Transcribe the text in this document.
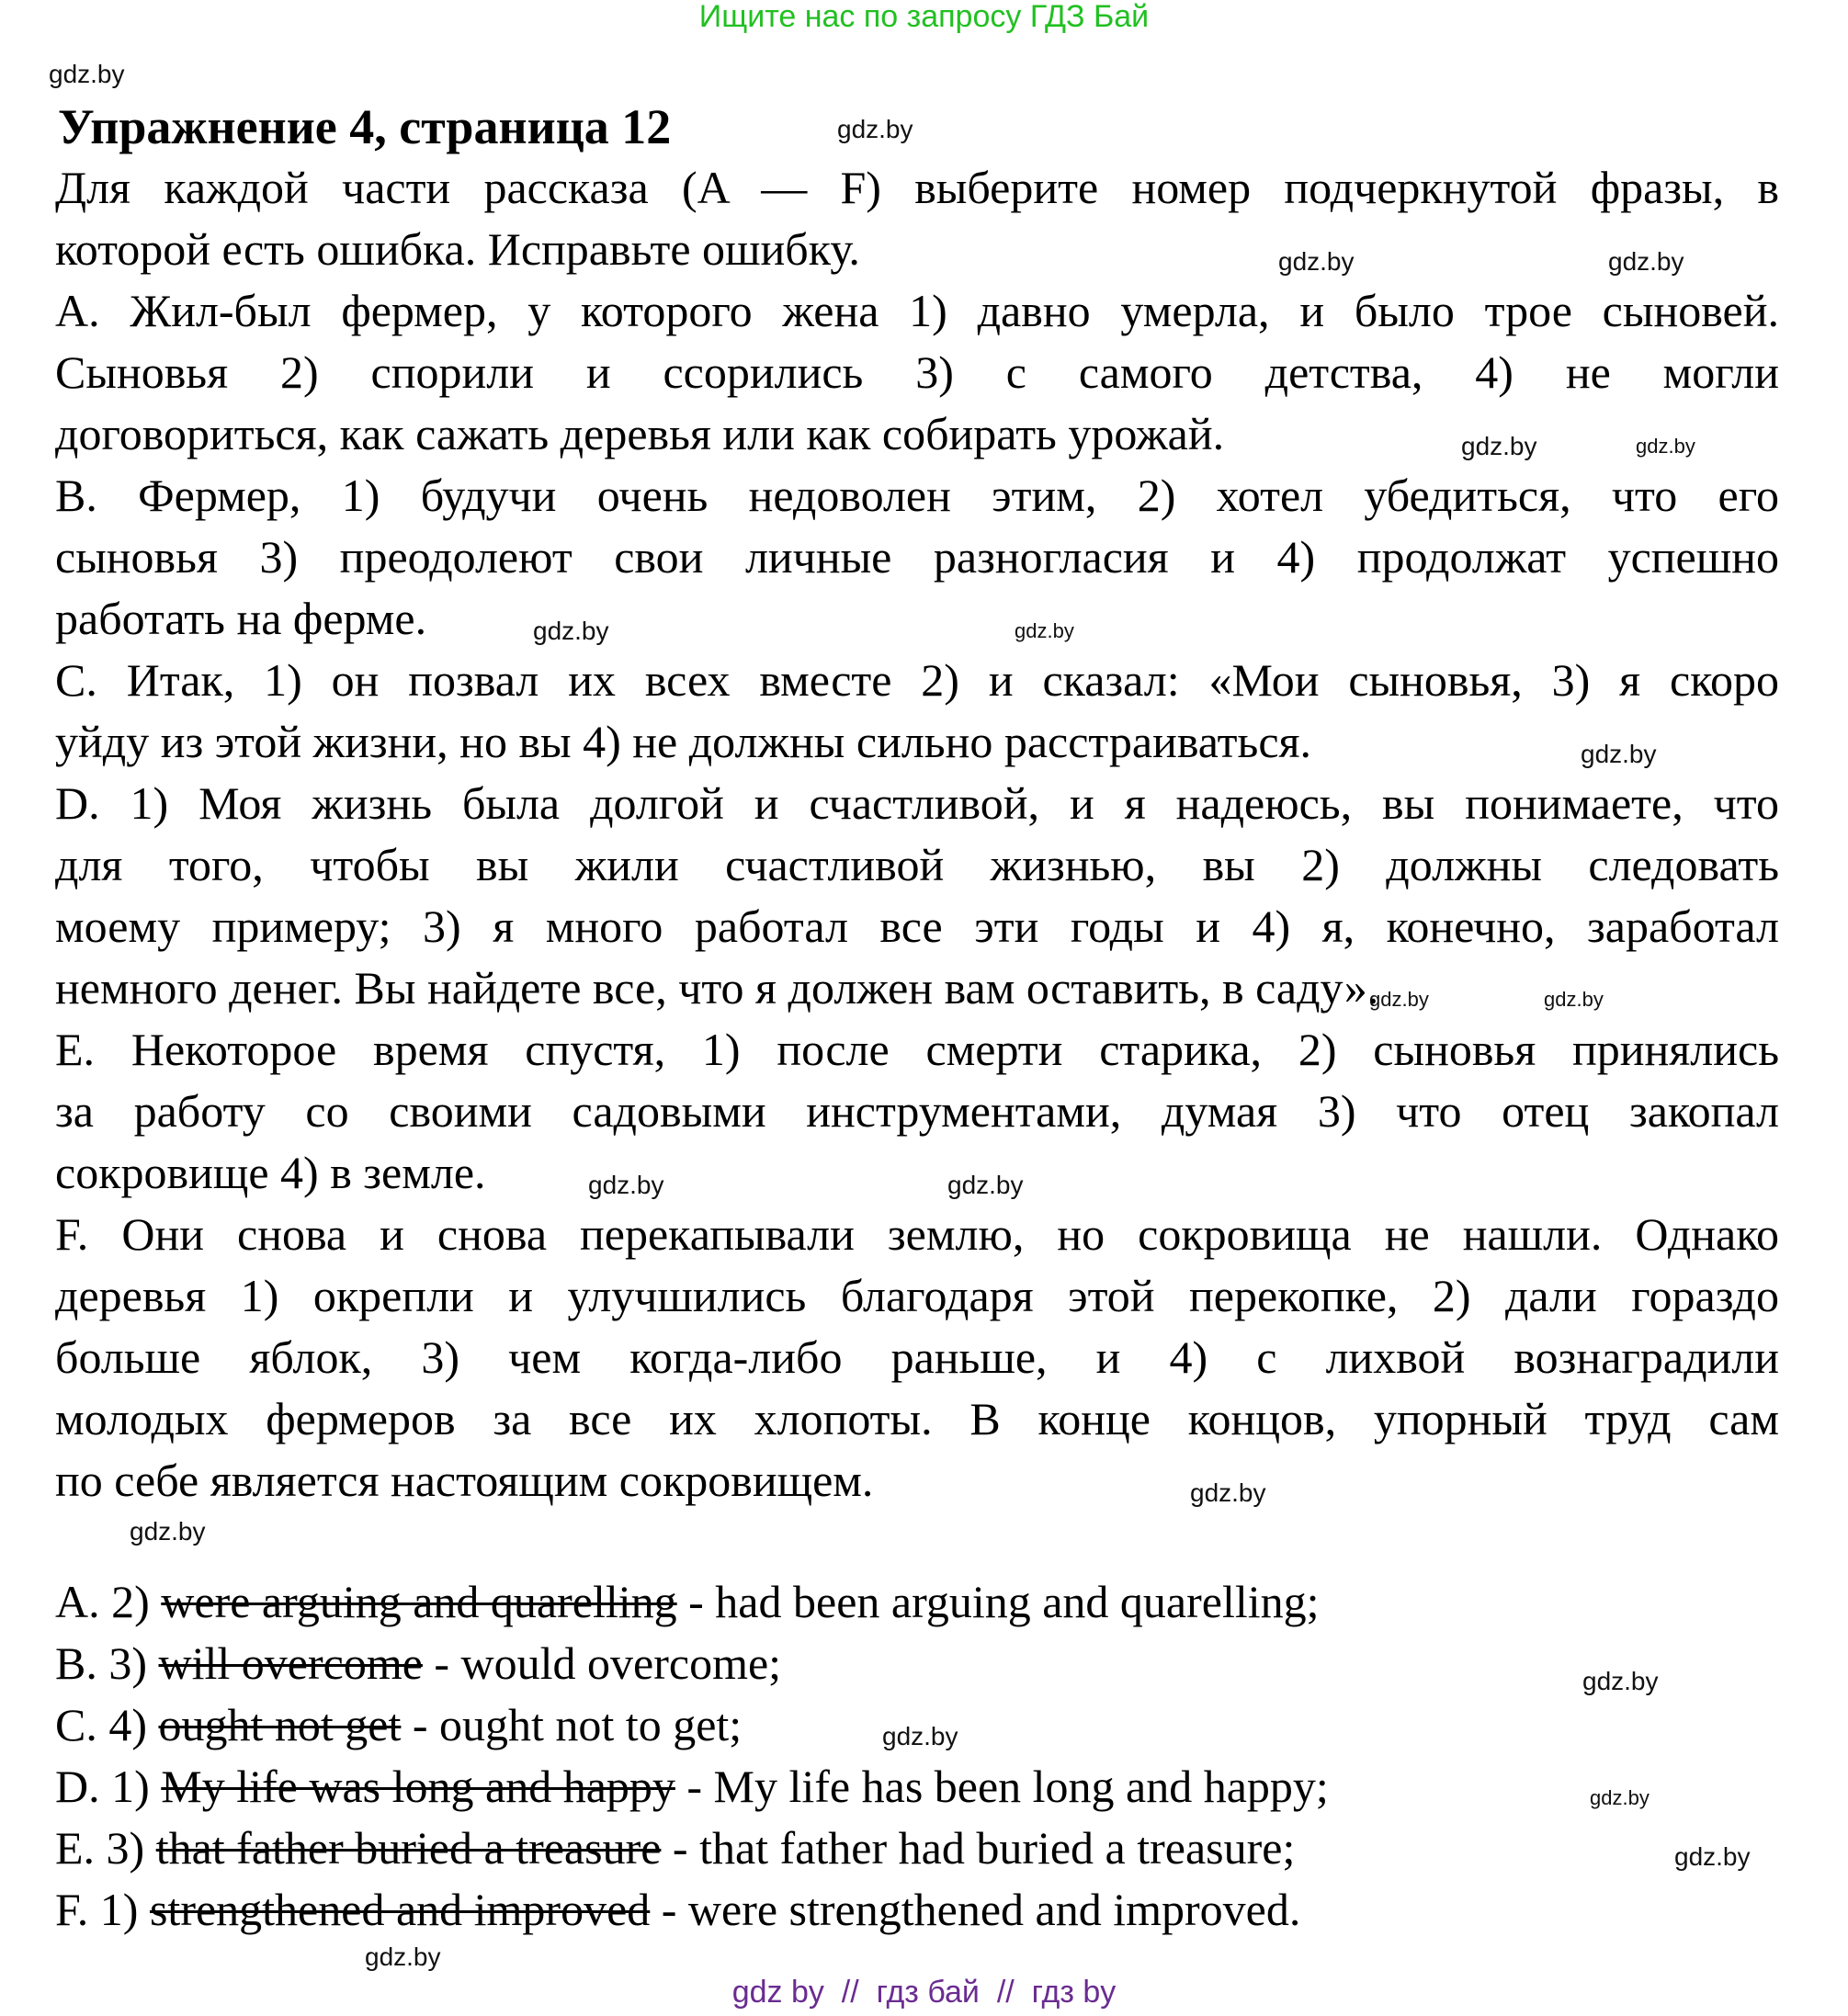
Ищите нас по запросу ГДЗ Бай
Упражнение 4, страница 12
Для каждой части рассказа (A — F) выберите номер подчеркнутой фразы, в
которой есть ошибка. Исправьте ошибку.
A. Жил-был фермер, у которого жена 1) давно умерла, и было трое сыновей.
Сыновья 2) спорили и ссорились 3) с самого детства, 4) не могли
договориться, как сажать деревья или как собирать урожай.
B. Фермер, 1) будучи очень недоволен этим, 2) хотел убедиться, что его
сыновья 3) преодолеют свои личные разногласия и 4) продолжат успешно
работать на ферме.
C. Итак, 1) он позвал их всех вместе 2) и сказал: «Мои сыновья, 3) я скоро
уйду из этой жизни, но вы 4) не должны сильно расстраиваться.
D. 1) Моя жизнь была долгой и счастливой, и я надеюсь, вы понимаете, что
для того, чтобы вы жили счастливой жизнью, вы 2) должны следовать
моему примеру; 3) я много работал все эти годы и 4) я, конечно, заработал
немного денег. Вы найдете все, что я должен вам оставить, в саду».
E. Некоторое время спустя, 1) после смерти старика, 2) сыновья принялись
за работу со своими садовыми инструментами, думая 3) что отец закопал
сокровище 4) в земле.
F. Они снова и снова перекапывали землю, но сокровища не нашли. Однако
деревья 1) окрепли и улучшились благодаря этой перекопке, 2) дали гораздо
больше яблок, 3) чем когда-либо раньше, и 4) с лихвой вознаградили
молодых фермеров за все их хлопоты. В конце концов, упорный труд сам
по себе является настоящим сокровищем.
A. 2) were arguing and quarelling - had been arguing and quarelling;
B. 3) will overcome - would overcome;
C. 4) ought not get - ought not to get;
D. 1) My life was long and happy - My life has been long and happy;
E. 3) that father buried a treasure - that father had buried a treasure;
F. 1) strengthened and improved - were strengthened and improved.
gdz.by
gdz.by
gdz.by	gdz.by
gdz.by	gdz.by
gdz.by	gdz.by
gdz.by
gdz.by
gdz.by
gdz.by
gdz.by
gdz.by
gdz.by
gdz.by
gdz.by
gdz.by
gdz.by
gdz.by
gdz by  //  гдз бай  //  гдз by
